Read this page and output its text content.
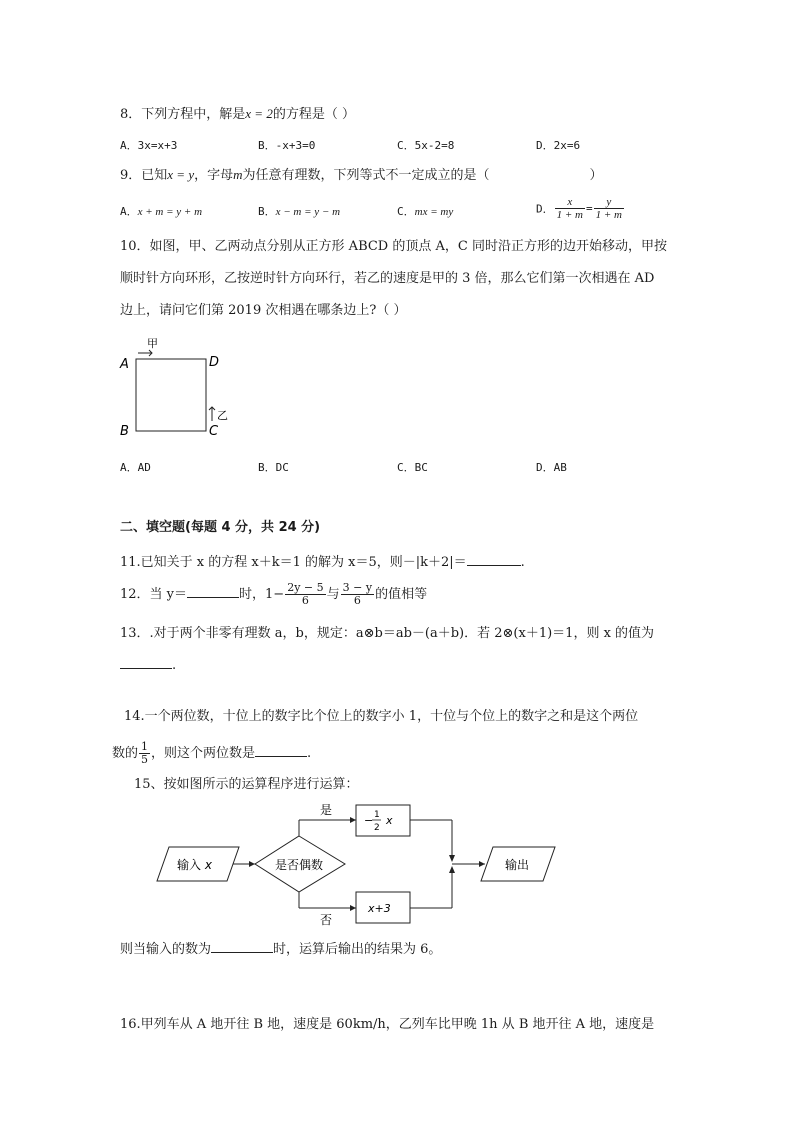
8．下列方程中，解是x = 2的方程是（ ）
A．3x=x+3	B．-x+3=0	C．5x-2=8	D．2x=6
9．已知x = y，字母m为任意有理数，下列等式不一定成立的是（	）
A．x + m = y + m	B．x − m = y − m	C．mx = my	D． $\frac{x}{1 + m} = \frac{y}{1 + m}$
10．如图，甲、乙两动点分别从正方形 ABCD 的顶点 A，C 同时沿正方形的边开始移动，甲按
顺时针方向环形，乙按逆时针方向环行，若乙的速度是甲的 3 倍，那么它们第一次相遇在 AD
边上，请问它们第 2019 次相遇在哪条边上?（ ）
A
B	C
D
甲
乙
A．AD	B．DC	C．BC	D．AB
二、填空题(每题 4 分，共 24 分)
11.已知关于 x 的方程 x＋k＝1 的解为 x＝5，则－|k＋2|＝	.
12．当 y＝	时，$1- \frac{2y - 5}{6}$ 与 $\frac{3 - y}{6}$ 的值相等
13．.对于两个非零有理数 a，b，规定：a⊗b＝ab－(a＋b)．若 2⊗(x＋1)＝1，则 x 的值为
.
14.一个两位数，十位上的数字比个位上的数字小 1，十位与个位上的数字之和是这个两位
数的 $\frac{1}{5}$ ，则这个两位数是	.
15、按如图所示的运算程序进行运算：
输入 x	是否偶数
是
− 1
2
x
否
x+3
输出
则当输入的数为	时，运算后输出的结果为 6。
16.甲列车从 A 地开往 B 地，速度是 60km/h，乙列车比甲晚 1h 从 B 地开往 A 地，速度是
